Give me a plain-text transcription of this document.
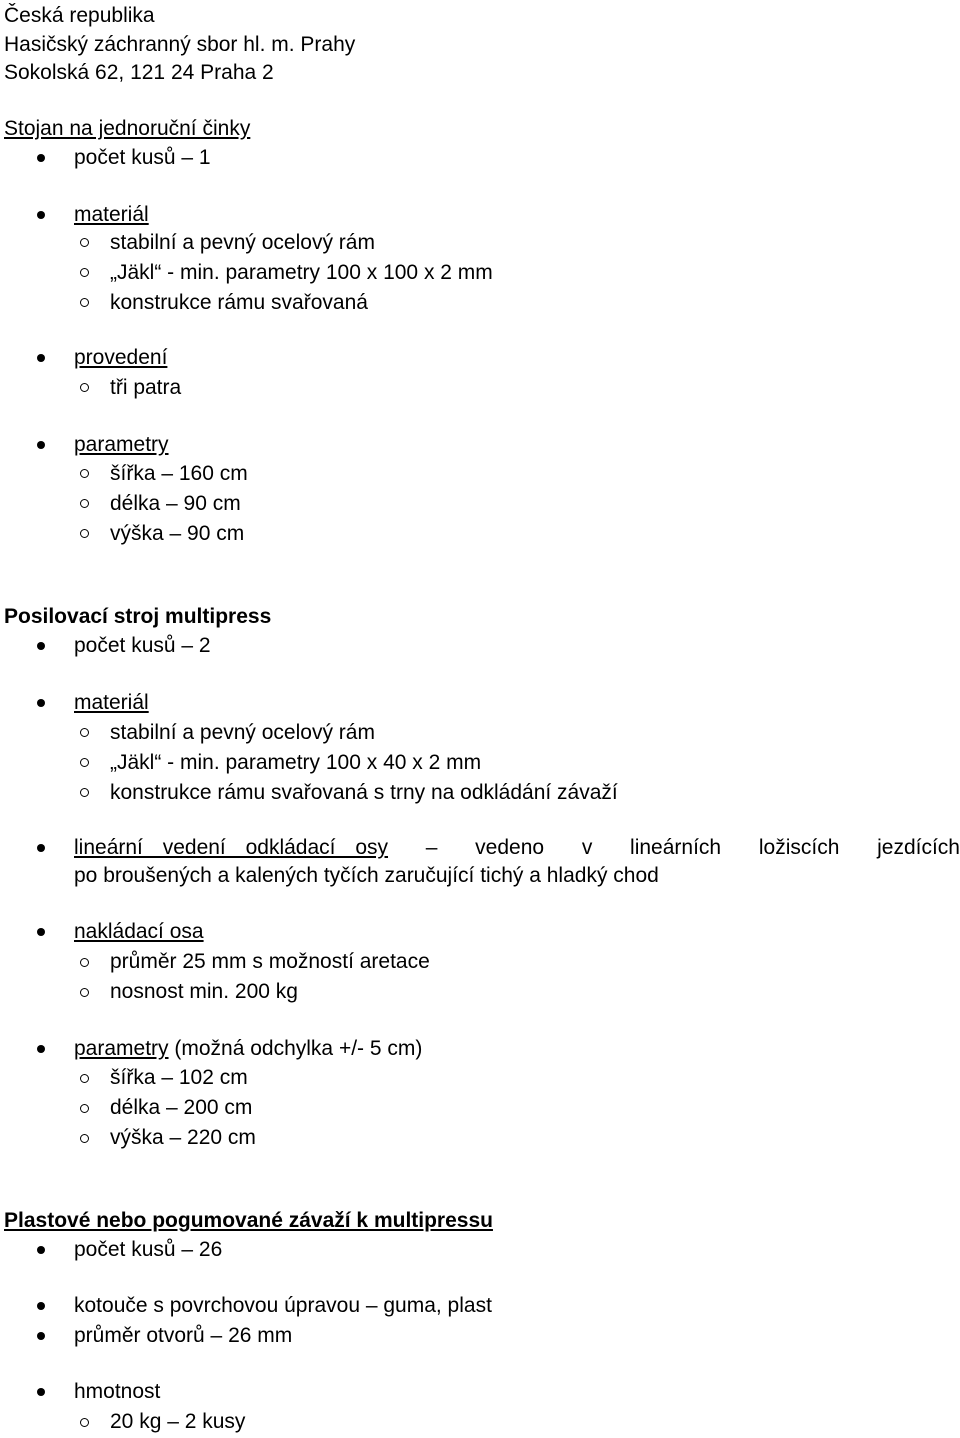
Česká republika
Hasičský záchranný sbor hl. m. Prahy
Sokolská 62, 121 24 Praha 2
Stojan na jednoruční činky
počet kusů – 1
materiál
stabilní a pevný ocelový rám
„Jäkl“ - min. parametry 100 x 100 x 2 mm
konstrukce rámu svařovaná
provedení
tři patra
parametry
šířka – 160 cm
délka – 90 cm
výška – 90 cm
Posilovací stroj multipress
počet kusů – 2
materiál
stabilní a pevný ocelový rám
„Jäkl“ - min. parametry 100 x 40 x 2 mm
konstrukce rámu svařovaná s trny na odkládání závaží
lineární vedení odkládací osy – vedeno v lineárních ložiscích jezdících
po broušených a kalených tyčích zaručující tichý a hladký chod
nakládací osa
průměr 25 mm s možností aretace
nosnost min. 200 kg
parametry (možná odchylka +/- 5 cm)
šířka – 102 cm
délka – 200 cm
výška – 220 cm
Plastové nebo pogumované závaží k multipressu
počet kusů – 26
kotouče s povrchovou úpravou – guma, plast
průměr otvorů – 26 mm
hmotnost
20 kg – 2 kusy
